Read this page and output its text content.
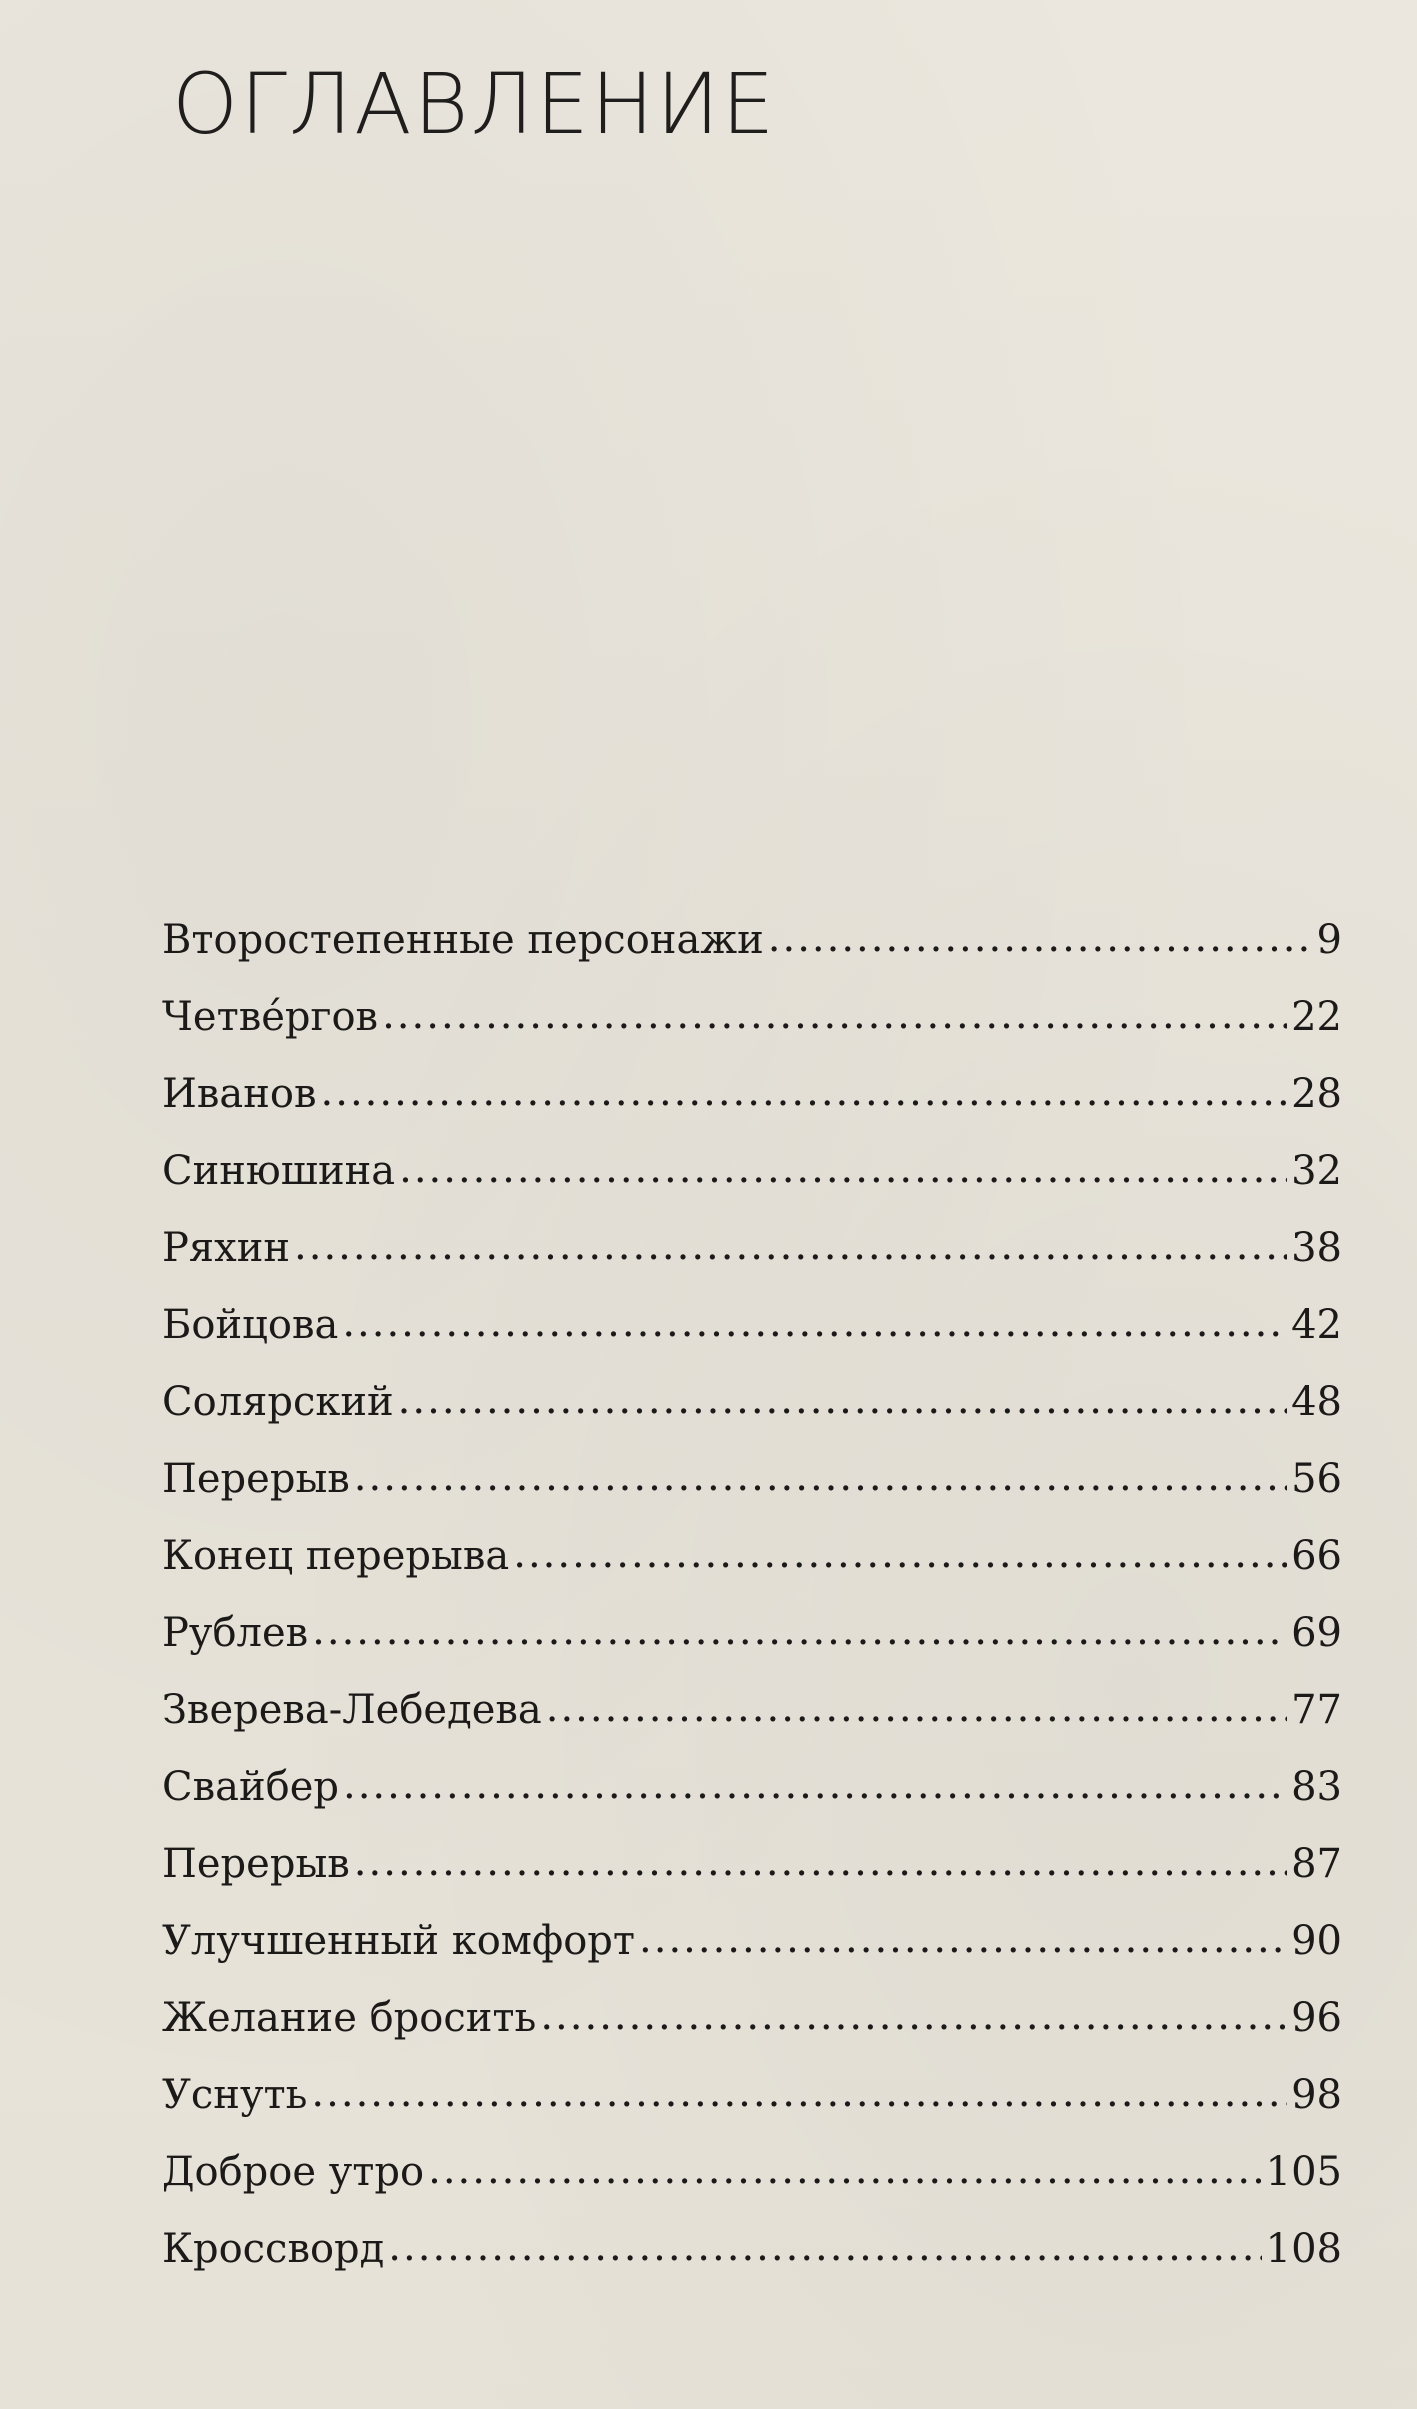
ОГЛАВЛЕНИЕ
Второстепенные персонажи .....	9
Четве́ргов .....	22
Иванов .....	28
Синюшина .....	32
Ряхин .....	38
Бойцова .....	42
Солярский .....	48
Перерыв .....	56
Конец перерыва .....	66
Рублев .....	69
Зверева-Лебедева .....	77
Свайбер .....	83
Перерыв .....	87
Улучшенный комфорт .....	90
Желание бросить .....	96
Уснуть .....	98
Доброе утро .....	105
Кроссворд .....	108
